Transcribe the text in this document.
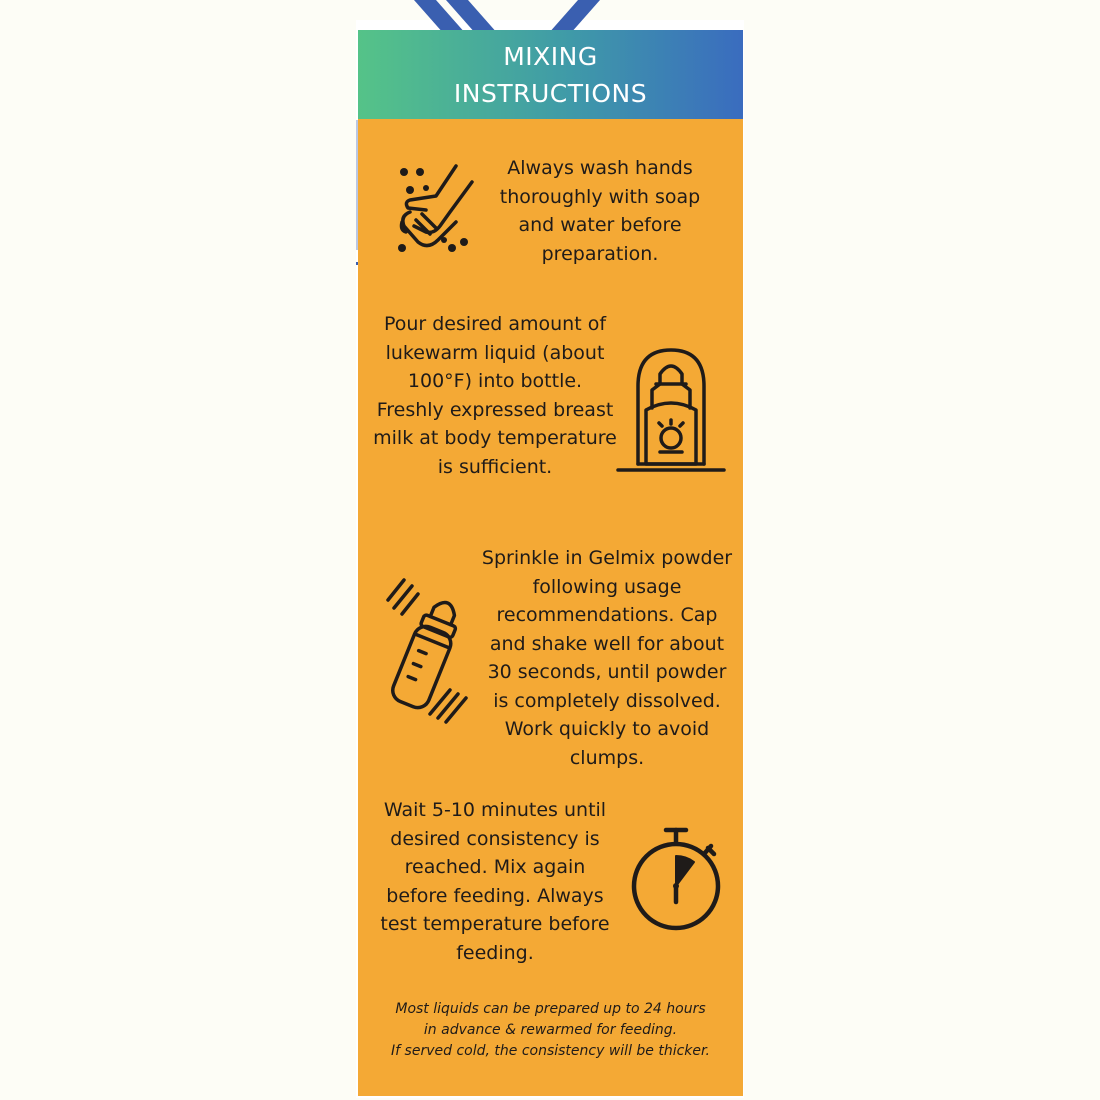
MIXING
INSTRUCTIONS

Always wash hands thoroughly with soap and water before preparation.

Pour desired amount of lukewarm liquid (about 100°F) into bottle. Freshly expressed breast milk at body temperature is sufficient.

Sprinkle in Gelmix powder following usage recommendations. Cap and shake well for about 30 seconds, until powder is completely dissolved. Work quickly to avoid clumps.

Wait 5-10 minutes until desired consistency is reached. Mix again before feeding. Always test temperature before feeding.

Most liquids can be prepared up to 24 hours
in advance & rewarmed for feeding.
If served cold, the consistency will be thicker.
